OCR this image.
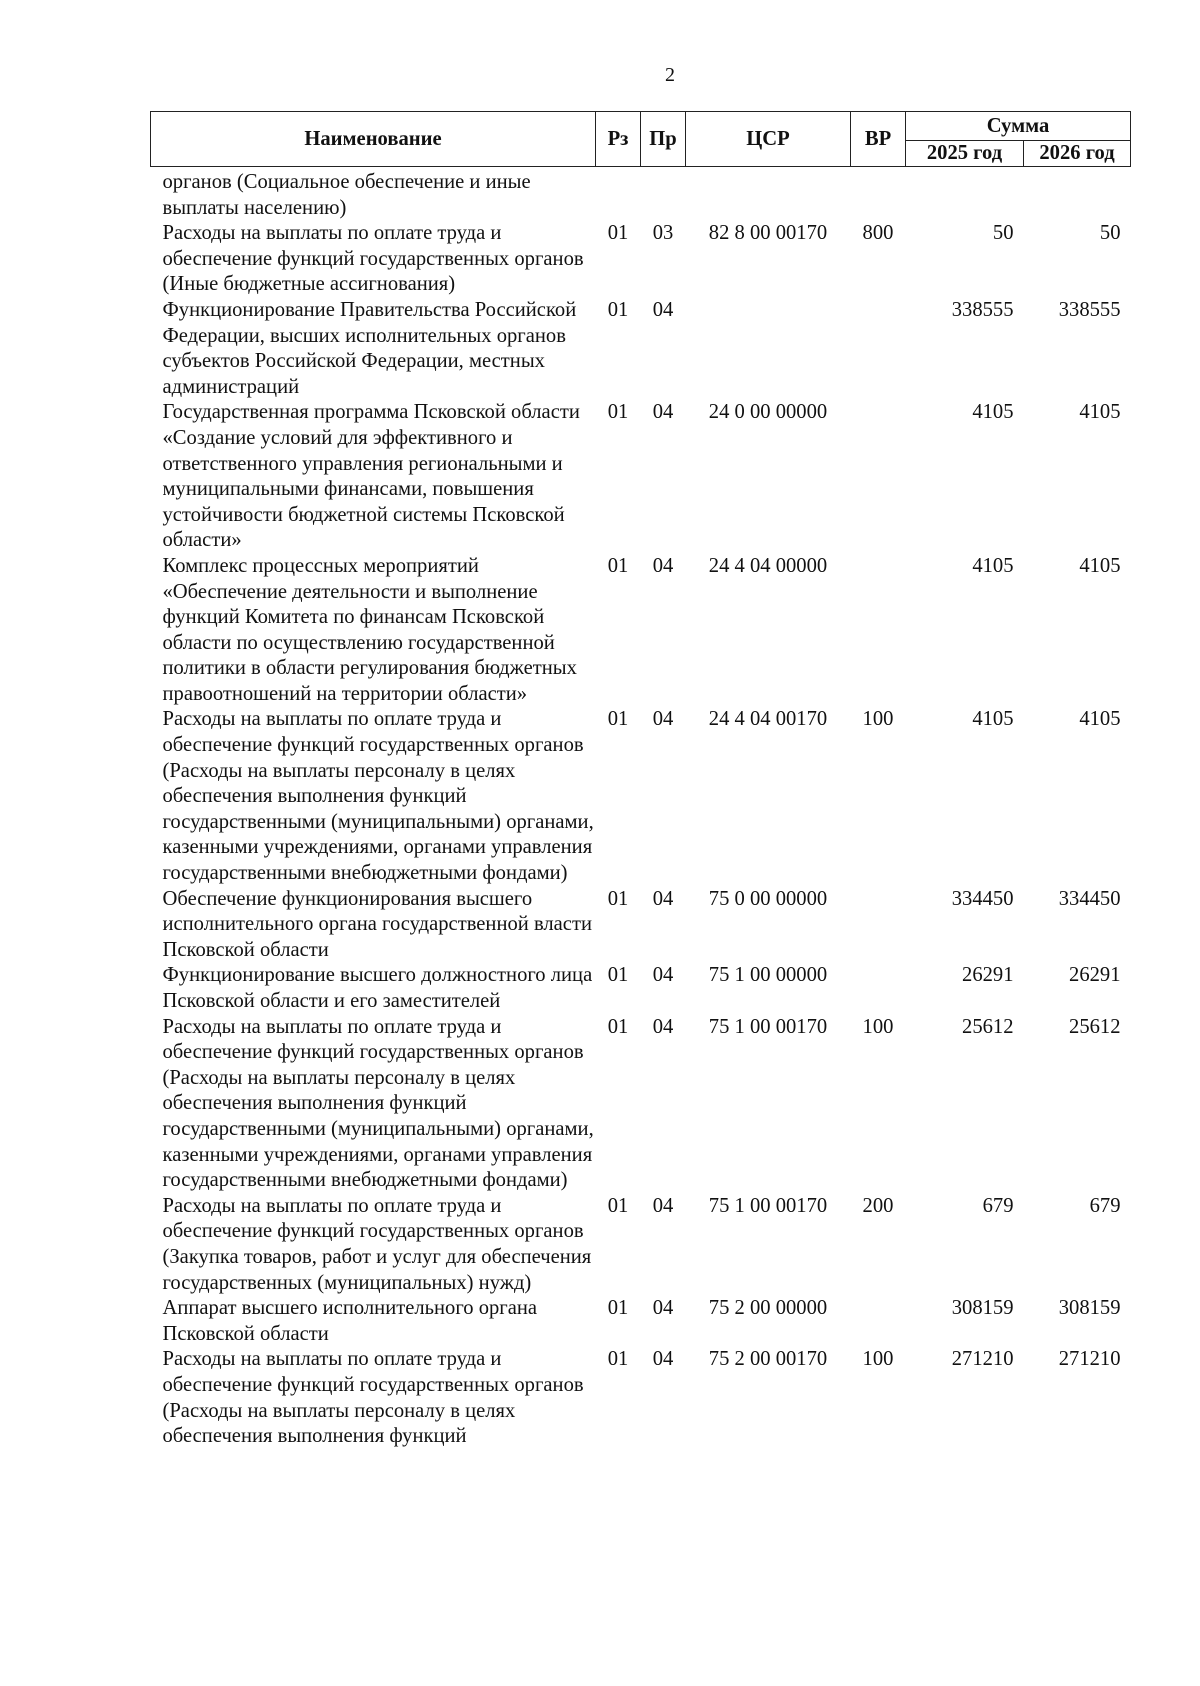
2
Наименование	Рз	Пр	ЦСР	ВР	Сумма	
					2025 год	2026 год
органов (Социальное обеспечение и иные выплаты населению)						
Расходы на выплаты по оплате труда и обеспечение функций государственных органов (Иные бюджетные ассигнования)	01	03	82 8 00 00170	800	50	50
Функционирование Правительства Российской Федерации, высших исполнительных органов субъектов Российской Федерации, местных администраций	01	04			338555	338555
Государственная программа Псковской области «Создание условий для эффективного и ответственного управления региональными и муниципальными финансами, повышения устойчивости бюджетной системы Псковской области»	01	04	24 0 00 00000		4105	4105
Комплекс процессных мероприятий «Обеспечение деятельности и выполнение функций Комитета по финансам Псковской области по осуществлению государственной политики в области регулирования бюджетных правоотношений на территории области»	01	04	24 4 04 00000		4105	4105
Расходы на выплаты по оплате труда и обеспечение функций государственных органов (Расходы на выплаты персоналу в целях обеспечения выполнения функций государственными (муниципальными) органами, казенными учреждениями, органами управления государственными внебюджетными фондами)	01	04	24 4 04 00170	100	4105	4105
Обеспечение функционирования высшего исполнительного органа государственной власти Псковской области	01	04	75 0 00 00000		334450	334450
Функционирование высшего должностного лица Псковской области и его заместителей	01	04	75 1 00 00000		26291	26291
Расходы на выплаты по оплате труда и обеспечение функций государственных органов (Расходы на выплаты персоналу в целях обеспечения выполнения функций государственными (муниципальными) органами, казенными учреждениями, органами управления государственными внебюджетными фондами)	01	04	75 1 00 00170	100	25612	25612
Расходы на выплаты по оплате труда и обеспечение функций государственных органов (Закупка товаров, работ и услуг для обеспечения государственных (муниципальных) нужд)	01	04	75 1 00 00170	200	679	679
Аппарат высшего исполнительного органа Псковской области	01	04	75 2 00 00000		308159	308159
Расходы на выплаты по оплате труда и обеспечение функций государственных органов (Расходы на выплаты персоналу в целях обеспечения выполнения функций	01	04	75 2 00 00170	100	271210	271210
